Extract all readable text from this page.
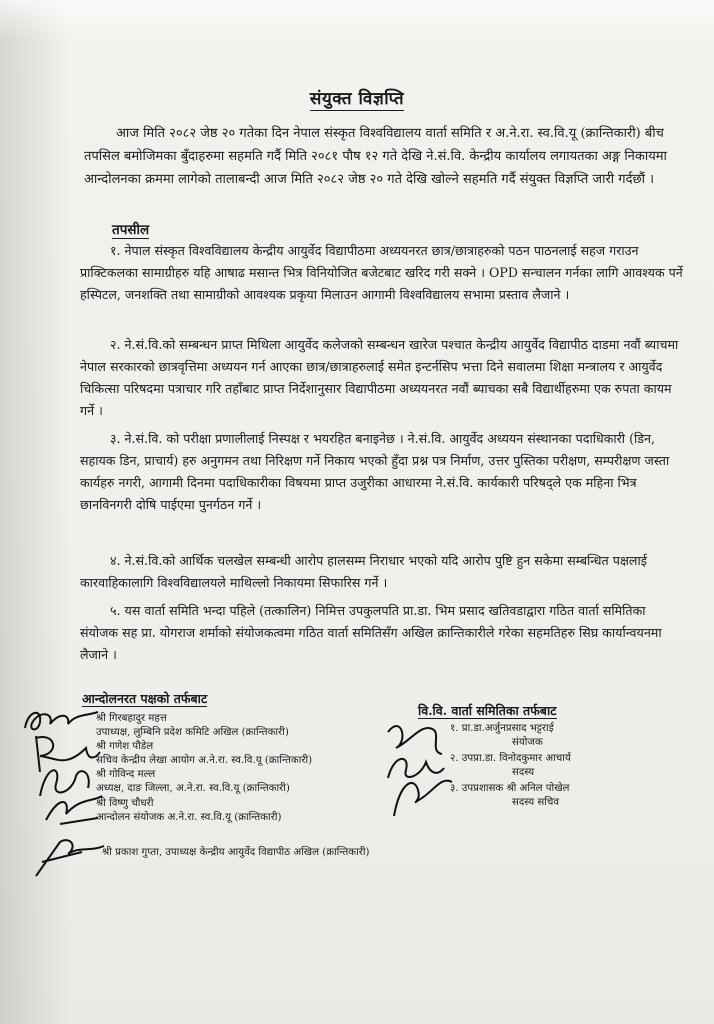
संयुक्त विज्ञप्ति
आज मिति २०८२ जेष्ठ २० गतेका दिन नेपाल संस्कृत विश्वविद्यालय वार्ता समिति र अ.ने.रा. स्व.वि.यू (क्रान्तिकारी) बीच तपसिल बमोजिमका बुँदाहरुमा सहमति गर्दै मिति २०८१ पौष १२ गते देखि ने.सं.वि. केन्द्रीय कार्यालय लगायतका अङ्ग निकायमा आन्दोलनका क्रममा लागेको तालाबन्दी आज मिति २०८२ जेष्ठ २० गते देखि खोल्ने सहमति गर्दै संयुक्त विज्ञप्ति जारी गर्दछौं ।
तपसील
१. नेपाल संस्कृत विश्वविद्यालय केन्द्रीय आयुर्वेद विद्यापीठमा अध्ययनरत छात्र/छात्राहरुको पठन पाठनलाई सहज गराउन प्राक्टिकलका सामाग्रीहरु यहि आषाढ मसान्त भित्र विनियोजित बजेटबाट खरिद गरी सक्ने । OPD सन्चालन गर्नका लागि आवश्यक पर्ने हस्पिटल, जनशक्ति तथा सामाग्रीको आवश्यक प्रकृया मिलाउन आगामी विश्वविद्यालय सभामा प्रस्ताव लैजाने ।
२. ने.सं.वि.को सम्बन्धन प्राप्त मिथिला आयुर्वेद कलेजको सम्बन्धन खारेज पश्चात केन्द्रीय आयुर्वेद विद्यापीठ दाडमा नवौं ब्याचमा नेपाल सरकारको छात्रवृत्तिमा अध्ययन गर्न आएका छात्र/छात्राहरुलाई समेत इन्टर्नसिप भत्ता दिने सवालमा शिक्षा मन्त्रालय र आयुर्वेद चिकित्सा परिषदमा पत्राचार गरि तहाँबाट प्राप्त निर्देशानुसार विद्यापीठमा अध्ययनरत नवौं ब्याचका सबै विद्यार्थीहरुमा एक रुपता कायम गर्ने ।
३. ने.सं.वि. को परीक्षा प्रणालीलाई निस्पक्ष र भयरहित बनाइनेछ । ने.सं.वि. आयुर्वेद अध्ययन संस्थानका पदाधिकारी (डिन, सहायक डिन, प्राचार्य) हरु अनुगमन तथा निरिक्षण गर्ने निकाय भएको हुँदा प्रश्न पत्र निर्माण, उत्तर पुस्तिका परीक्षण, सम्परीक्षण जस्ता कार्यहरु नगरी, आगामी दिनमा पदाधिकारीका विषयमा प्राप्त उजुरीका आधारमा ने.सं.वि. कार्यकारी परिषद्ले एक महिना भित्र छानविनगरी दोषि पाईएमा पुनर्गठन गर्ने ।
४. ने.सं.वि.को आर्थिक चलखेल सम्बन्धी आरोप हालसम्म निराधार भएको यदि आरोप पुष्टि हुन सकेमा सम्बन्धित पक्षलाई कारवाहिकालागि विश्वविद्यालयले माथिल्लो निकायमा सिफारिस गर्ने ।
५. यस वार्ता समिति भन्दा पहिले (तत्कालिन) निमित्त उपकुलपति प्रा.डा. भिम प्रसाद खतिवडाद्वारा गठित वार्ता समितिका संयोजक सह प्रा. योगराज शर्माको संयोजकत्वमा गठित वार्ता समितिसँग अखिल क्रान्तिकारीले गरेका सहमतिहरु सिघ्र कार्यान्वयनमा लैजाने ।
आन्दोलनरत पक्षको तर्फबाट
श्री गिरबहादुर महत्त
उपाध्यक्ष, लुम्बिनि प्रदेश कमिटि अखिल (क्रान्तिकारी)
श्री गणेश पौडेल
सचिव केन्द्रीय लेखा आयोग अ.ने.रा. स्व.वि.यू (क्रान्तिकारी)
श्री गोविन्द मल्ल
अध्यक्ष, दाङ जिल्ला, अ.ने.रा. स्व.वि.यू (क्रान्तिकारी)
श्री विष्णु चौधरी
आन्दोलन संयोजक अ.ने.रा. स्व.वि.यू (क्रान्तिकारी)
श्री प्रकाश गुप्ता, उपाध्यक्ष केन्द्रीय आयुर्वेद विद्यापीठ अखिल (क्रान्तिकारी)
वि.वि. वार्ता समितिका तर्फबाट
१. प्रा.डा.अर्जुनप्रसाद भट्टराई
संयोजक
२. उपप्रा.डा. विनोदकुमार आचार्य
सदस्य
३. उपप्रशासक श्री अनिल पोखेल
सदस्य सचिव
